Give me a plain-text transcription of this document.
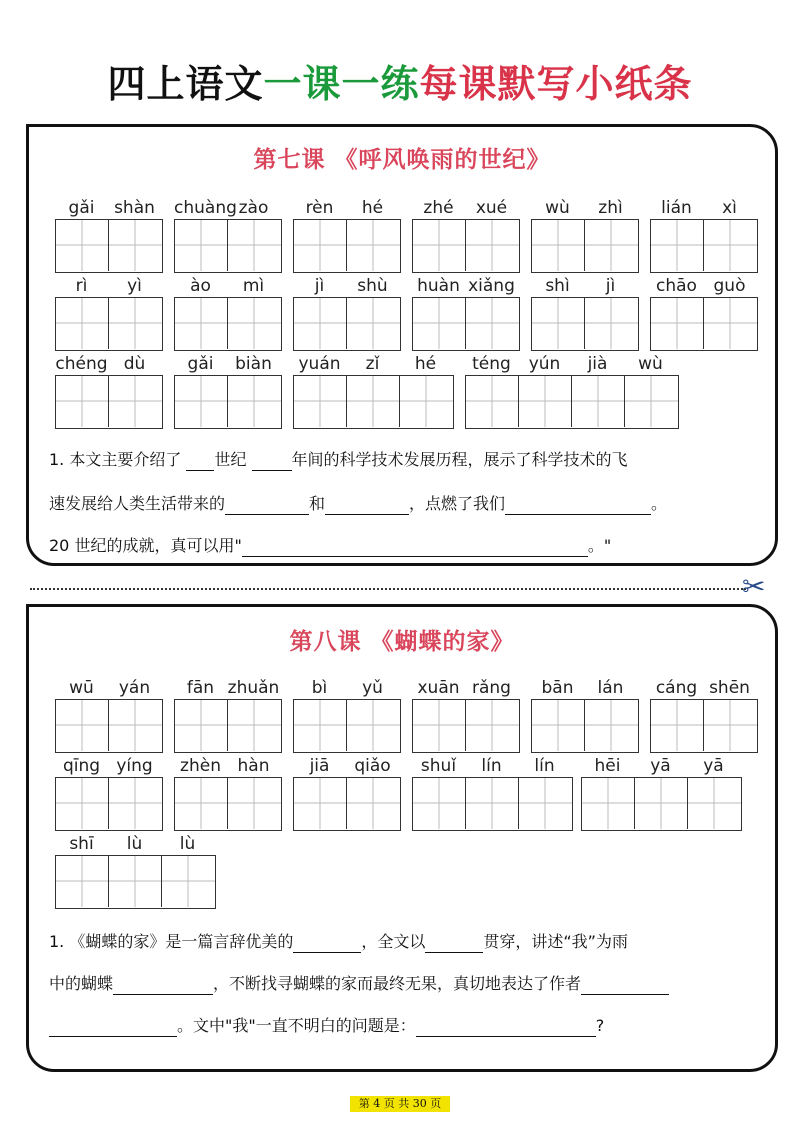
四上语文一课一练每课默写小纸条
第七课 《呼风唤雨的世纪》
gǎi	shàn	chuàng zào	rèn	hé	zhé	xué	wù	zhì	lián	xì
rì	yì	ào	mì	jì	shù	huàn xiǎng	shì	jì	chāo guò
chéng dù	gǎi	biàn	yuán	zǐ	hé	téng	yún	jià	wù
1. 本文主要介绍了 世纪	年间的科学技术发展历程，展示了科学技术的飞
速发展给人类生活带来的	和	，点燃了我们	。
20 世纪的成就，真可以用"	。"
✂
第八课 《蝴蝶的家》
wū	yán	fān zhuǎn	bì	yǔ	xuān rǎng	bān	lán	cáng shēn
qīng yíng	zhèn hàn	jiā	qiǎo	shuǐ	lín	lín	hēi	yā	yā
shī	lù	lù
1. 《蝴蝶的家》是一篇言辞优美的	，全文以	贯穿，讲述“我”为雨
中的蝴蝶	，不断找寻蝴蝶的家而最终无果，真切地表达了作者
。文中"我"一直不明白的问题是：	?
第 4 页 共 30 页
